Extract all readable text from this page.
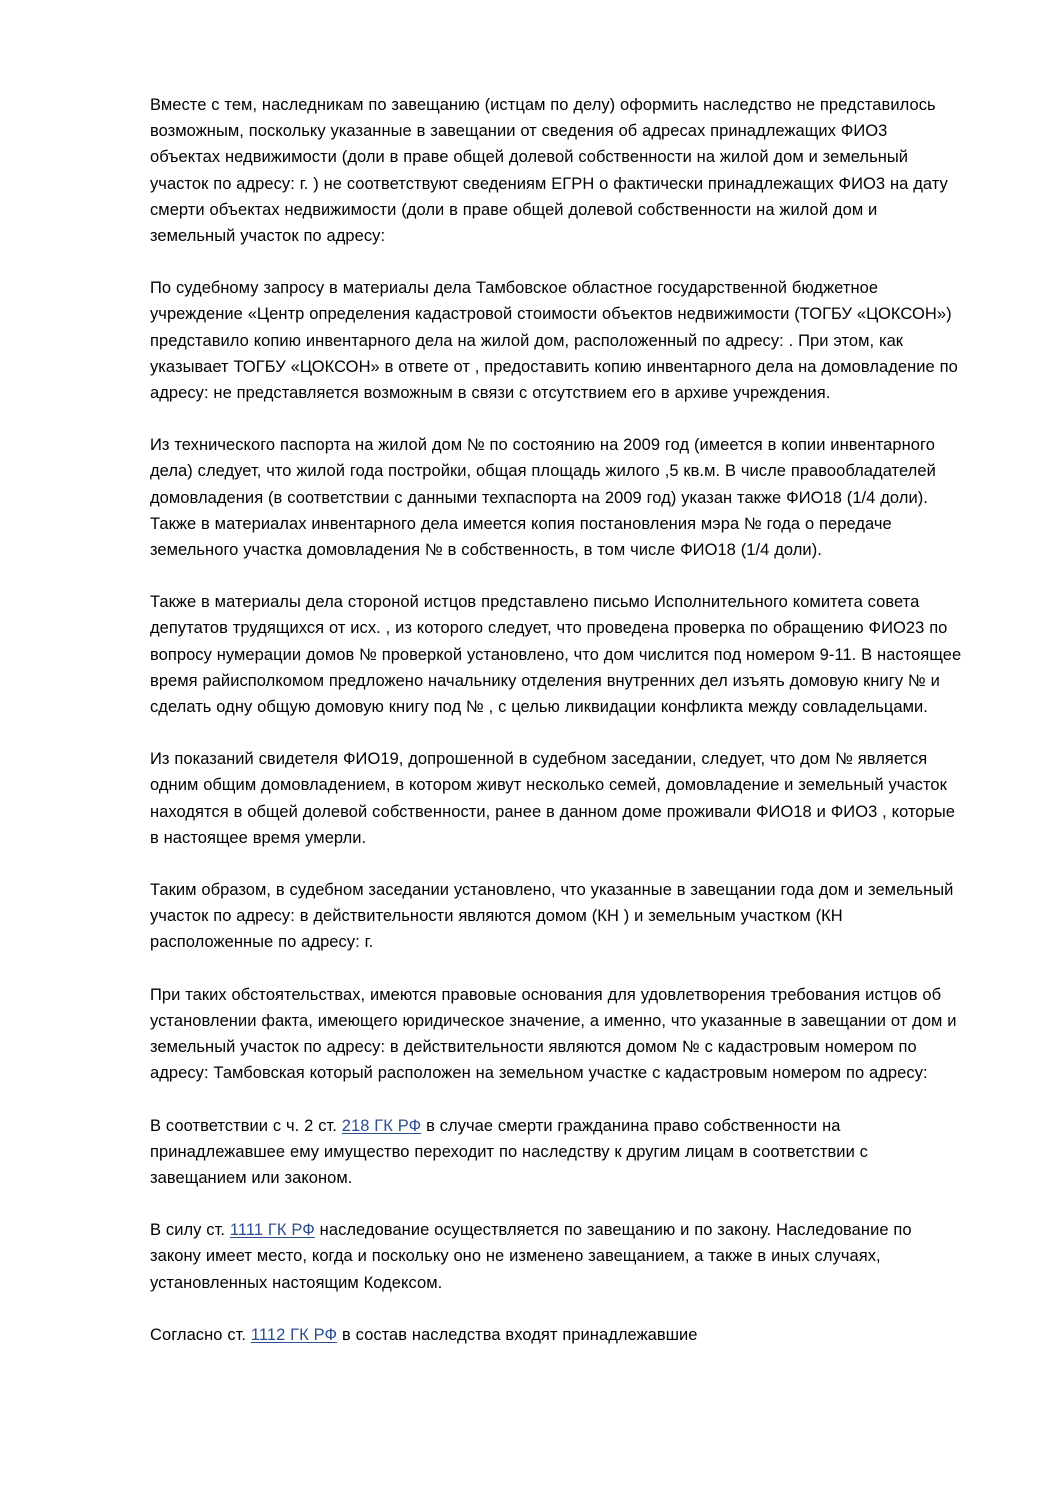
Вместе с тем, наследникам по завещанию (истцам по делу) оформить наследство не представилось возможным, поскольку указанные в завещании от сведения об адресах принадлежащих ФИО3 объектах недвижимости (доли в праве общей долевой собственности на жилой дом и земельный участок по адресу: г. ) не соответствуют сведениям ЕГРН о фактически принадлежащих ФИО3 на дату смерти объектах недвижимости (доли в праве общей долевой собственности на жилой дом и земельный участок по адресу:

По судебному запросу в материалы дела Тамбовское областное государственной бюджетное учреждение «Центр определения кадастровой стоимости объектов недвижимости (ТОГБУ «ЦОКСОН») представило копию инвентарного дела на жилой дом, расположенный по адресу: . При этом, как указывает ТОГБУ «ЦОКСОН» в ответе от , предоставить копию инвентарного дела на домовладение по адресу: не представляется возможным в связи с отсутствием его в архиве учреждения.

Из технического паспорта на жилой дом № по состоянию на 2009 год (имеется в копии инвентарного дела) следует, что жилой года постройки, общая площадь жилого ,5 кв.м. В числе правообладателей домовладения (в соответствии с данными техпаспорта на 2009 год) указан также ФИО18 (1/4 доли). Также в материалах инвентарного дела имеется копия постановления мэра № года о передаче земельного участка домовладения № в собственность, в том числе ФИО18 (1/4 доли).

Также в материалы дела стороной истцов представлено письмо Исполнительного комитета совета депутатов трудящихся от исх. , из которого следует, что проведена проверка по обращению ФИО23 по вопросу нумерации домов № проверкой установлено, что дом числится под номером 9-11. В настоящее время райисполкомом предложено начальнику отделения внутренних дел изъять домовую книгу № и сделать одну общую домовую книгу под № , с целью ликвидации конфликта между совладельцами.

Из показаний свидетеля ФИО19, допрошенной в судебном заседании, следует, что дом № является одним общим домовладением, в котором живут несколько семей, домовладение и земельный участок находятся в общей долевой собственности, ранее в данном доме проживали ФИО18 и ФИО3 , которые в настоящее время умерли.

Таким образом, в судебном заседании установлено, что указанные в завещании года дом и земельный участок по адресу: в действительности являются домом (КН ) и земельным участком (КН расположенные по адресу: г.

При таких обстоятельствах, имеются правовые основания для удовлетворения требования истцов об установлении факта, имеющего юридическое значение, а именно, что указанные в завещании от дом и земельный участок по адресу: в действительности являются домом № с кадастровым номером по адресу: Тамбовская который расположен на земельном участке с кадастровым номером по адресу:

В соответствии с ч. 2 ст. 218 ГК РФ в случае смерти гражданина право собственности на принадлежавшее ему имущество переходит по наследству к другим лицам в соответствии с завещанием или законом.

В силу ст. 1111 ГК РФ наследование осуществляется по завещанию и по закону. Наследование по закону имеет место, когда и поскольку оно не изменено завещанием, а также в иных случаях, установленных настоящим Кодексом.

Согласно ст. 1112 ГК РФ в состав наследства входят принадлежавшие
